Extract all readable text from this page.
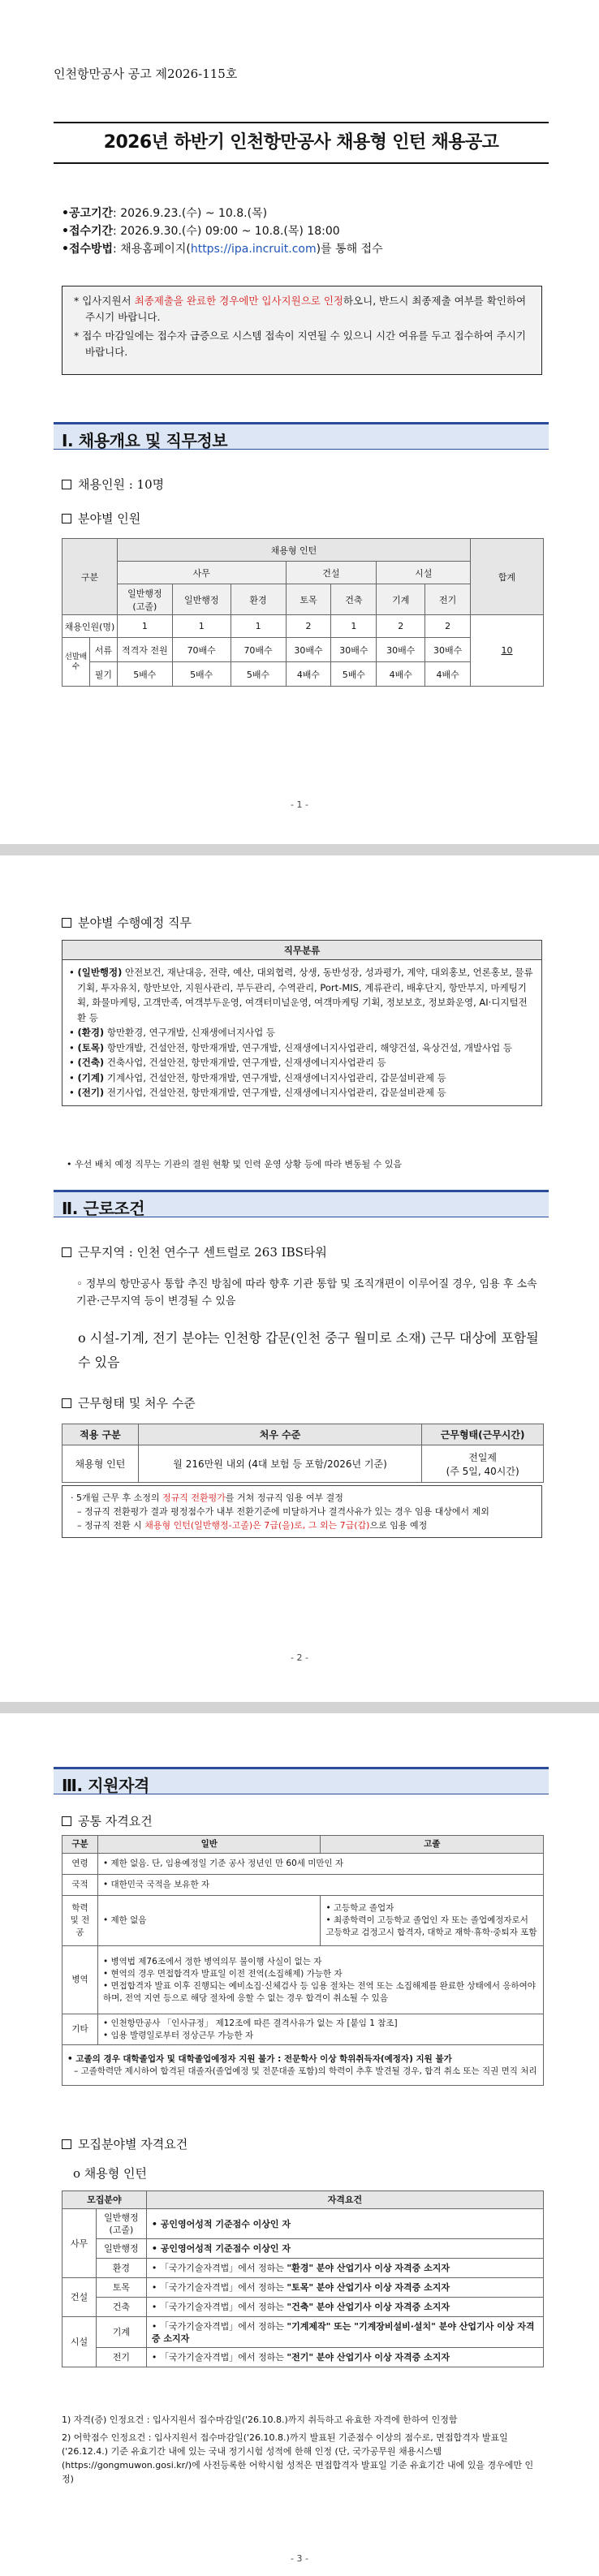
인천항만공사 공고 제2026-115호
2026년 하반기 인천항만공사 채용형 인턴 채용공고
•공고기간: 2026.9.23.(수) ~ 10.8.(목)
•접수기간: 2026.9.30.(수) 09:00 ~ 10.8.(목) 18:00
•접수방법: 채용홈페이지(https://ipa.incruit.com)를 통해 접수
* 입사지원서 최종제출을 완료한 경우에만 입사지원으로 인정하오니, 반드시 최종제출 여부를 확인하여 주시기 바랍니다.
* 접수 마감일에는 접수자 급증으로 시스템 접속이 지연될 수 있으니 시간 여유를 두고 접수하여 주시기 바랍니다.
Ⅰ. 채용개요 및 직무정보
채용인원 : 10명
분야별 인원
구분		채용형 인턴							합계
		사무			건설		시설		
		일반행정
(고졸)	일반행정	환경	토목	건축	기계	전기	
채용인원(명)		1	1	1	2	1	2	2	10
선발배수	서류	적격자 전원	70배수	70배수	30배수	30배수	30배수	30배수	
	필기	5배수	5배수	5배수	4배수	5배수	4배수	4배수	
- 1 -
분야별 수행예정 직무
직무분류
• (일반행정) 안전보건, 재난대응, 전략, 예산, 대외협력, 상생, 동반성장, 성과평가, 계약, 대외홍보, 언론홍보, 물류기획, 투자유치, 항만보안, 지원사관리, 부두관리, 수역관리, Port-MIS, 계류관리, 배후단지, 항만부지, 마케팅기획, 화물마케팅, 고객만족, 여객부두운영, 여객터미널운영, 여객마케팅 기획, 정보보호, 정보화운영, AI·디지털전환 등
• (환경) 항만환경, 연구개발, 신재생에너지사업 등
• (토목) 항만개발, 건설안전, 항만재개발, 연구개발, 신재생에너지사업관리, 해양건설, 육상건설, 개발사업 등
• (건축) 건축사업, 건설안전, 항만재개발, 연구개발, 신재생에너지사업관리 등
• (기계) 기계사업, 건설안전, 항만재개발, 연구개발, 신재생에너지사업관리, 갑문설비관제 등
• (전기) 전기사업, 건설안전, 항만재개발, 연구개발, 신재생에너지사업관리, 갑문설비관제 등
• 우선 배치 예정 직무는 기관의 결원 현황 및 인력 운영 상황 등에 따라 변동될 수 있음
Ⅱ. 근로조건
근무지역 : 인천 연수구 센트럴로 263 IBS타워
◦ 정부의 항만공사 통합 추진 방침에 따라 향후 기관 통합 및 조직개편이 이루어질 경우, 임용 후 소속기관·근무지역 등이 변경될 수 있음
o 시설-기계, 전기 분야는 인천항 갑문(인천 중구 월미로 소재) 근무 대상에 포함될 수 있음
근무형태 및 처우 수준
적용 구분	처우 수준	근무형태(근무시간)
채용형 인턴	월 216만원 내외 (4대 보험 등 포함/2026년 기준)	전일제
(주 5일, 40시간)
· 5개월 근무 후 소정의 정규직 전환평가를 거쳐 정규직 임용 여부 결정
– 정규직 전환평가 결과 평정점수가 내부 전환기준에 미달하거나 결격사유가 있는 경우 임용 대상에서 제외
– 정규직 전환 시 채용형 인턴(일반행정-고졸)은 7급(을)로, 그 외는 7급(갑)으로 임용 예정
- 2 -
Ⅲ. 지원자격
공통 자격요건
구분	일반	고졸
연령	• 제한 없음. 단, 임용예정일 기준 공사 정년인 만 60세 미만인 자	
국적	• 대한민국 국적을 보유한 자	
학력 및 전공	• 제한 없음	• 고등학교 졸업자
• 최종학력이 고등학교 졸업인 자 또는 졸업예정자로서 고등학교 검정고시 합격자, 대학교 재학·휴학·중퇴자 포함

병역	• 병역법 제76조에서 정한 병역의무 불이행 사실이 없는 자
• 현역의 경우 면접합격자 발표일 이전 전역(소집해제) 가능한 자
• 면접합격자 발표 이후 진행되는 예비소집·신체검사 등 임용 절차는 전역 또는 소집해제를 완료한 상태에서 응하여야 하며, 전역 지연 등으로 해당 절차에 응할 수 없는 경우 합격이 취소될 수 있음	

기타	• 인천항만공사 「인사규정」 제12조에 따른 결격사유가 없는 자 [붙임 1 참조]
• 임용 발령일로부터 정상근무 가능한 자	

• 고졸의 경우 대학졸업자 및 대학졸업예정자 지원 불가 : 전문학사 이상 학위취득자(예정자) 지원 불가
– 고졸학력만 제시하여 합격된 대졸자(졸업예정 및 전문대졸 포함)의 학력이 추후 발견될 경우, 합격 취소 또는 직권 면직 처리		
모집분야별 자격요건
o 채용형 인턴
모집분야		자격요건
사무	일반행정
(고졸)	• 공인영어성적 기준점수 이상인 자
	일반행정	• 공인영어성적 기준점수 이상인 자
	환경	• 「국가기술자격법」에서 정하는 "환경" 분야 산업기사 이상 자격증 소지자
건설	토목	• 「국가기술자격법」에서 정하는 "토목" 분야 산업기사 이상 자격증 소지자
	건축	• 「국가기술자격법」에서 정하는 "건축" 분야 산업기사 이상 자격증 소지자
시설	기계	• 「국가기술자격법」에서 정하는 "기계제작" 또는 "기계장비설비·설치" 분야 산업기사 이상 자격증 소지자
	전기	• 「국가기술자격법」에서 정하는 "전기" 분야 산업기사 이상 자격증 소지자
1) 자격(증) 인정요건 : 입사지원서 접수마감일('26.10.8.)까지 취득하고 유효한 자격에 한하여 인정함
2) 어학점수 인정요건 : 입사지원서 접수마감일('26.10.8.)까지 발표된 기준점수 이상의 점수로, 면접합격자 발표일('26.12.4.) 기준 유효기간 내에 있는 국내 정기시험 성적에 한해 인정 (단, 국가공무원 채용시스템(https://gongmuwon.gosi.kr/)에 사전등록한 어학시험 성적은 면접합격자 발표일 기준 유효기간 내에 있을 경우에만 인정)
- 3 -
